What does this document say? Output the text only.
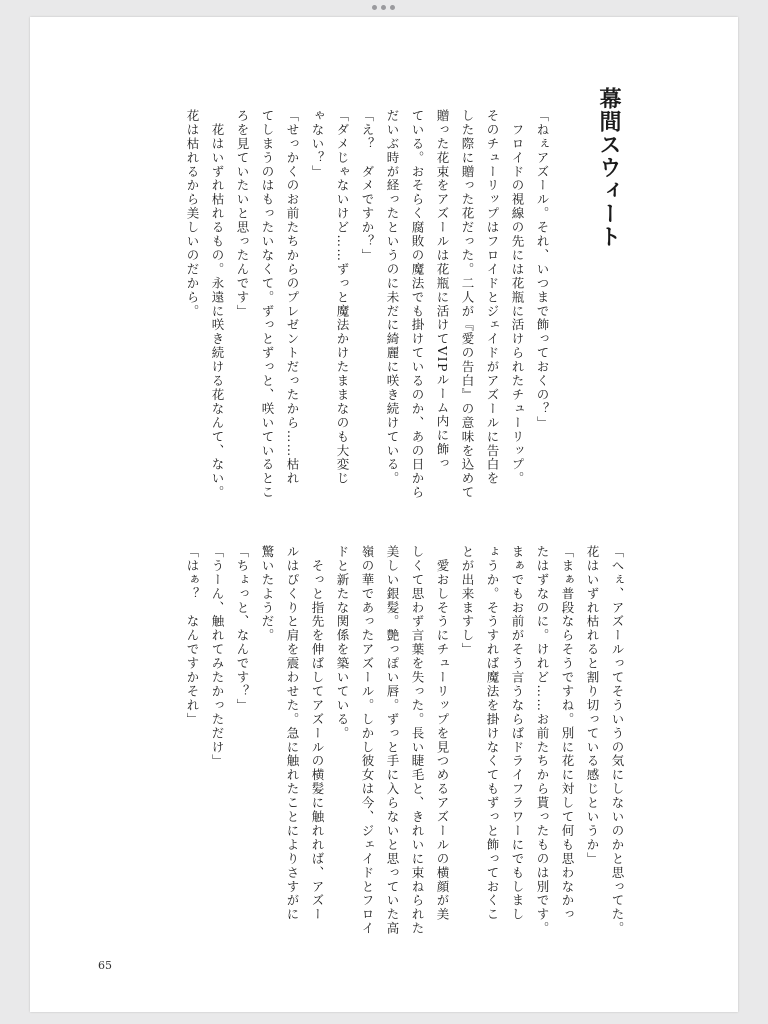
幕間スウィート
「ねぇアズール。それ、いつまで飾っておくの？」
　フロイドの視線の先には花瓶に活けられたチューリップ。
そのチューリップはフロイドとジェイドがアズールに告白を
した際に贈った花だった。二人が『愛の告白』の意味を込めて
贈った花束をアズールは花瓶に活けてVIPルーム内に飾っ
ている。おそらく腐敗の魔法でも掛けているのか、あの日から
だいぶ時が経ったというのに未だに綺麗に咲き続けている。
「え？　ダメですか？」
「ダメじゃないけど……ずっと魔法かけたままなのも大変じ
ゃない？」
「せっかくのお前たちからのプレゼントだったから……枯れ
てしまうのはもったいなくて。ずっとずっと、咲いているとこ
ろを見ていたいと思ったんです」
　花はいずれ枯れるもの。永遠に咲き続ける花なんて、ない。
花は枯れるから美しいのだから。
「へぇ、アズールってそういうの気にしないのかと思ってた。
花はいずれ枯れると割り切っている感じというか」
「まぁ普段ならそうですね。別に花に対して何も思わなかっ
たはずなのに。けれど……お前たちから貰ったものは別です。
まぁでもお前がそう言うならばドライフラワーにでもしまし
ょうか。そうすれば魔法を掛けなくてもずっと飾っておくこ
とが出来ますし」
　愛おしそうにチューリップを見つめるアズールの横顔が美
しくて思わず言葉を失った。長い睫毛と、きれいに束ねられた
美しい銀髪。艶っぽい唇。ずっと手に入らないと思っていた高
嶺の華であったアズール。しかし彼女は今、ジェイドとフロイ
ドと新たな関係を築いている。
　そっと指先を伸ばしてアズールの横髪に触れれば、アズー
ルはぴくりと肩を震わせた。急に触れたことによりさすがに
驚いたようだ。
「ちょっと、なんです？」
「うーん、触れてみたかっただけ」
「はぁ？　なんですかそれ」
65
